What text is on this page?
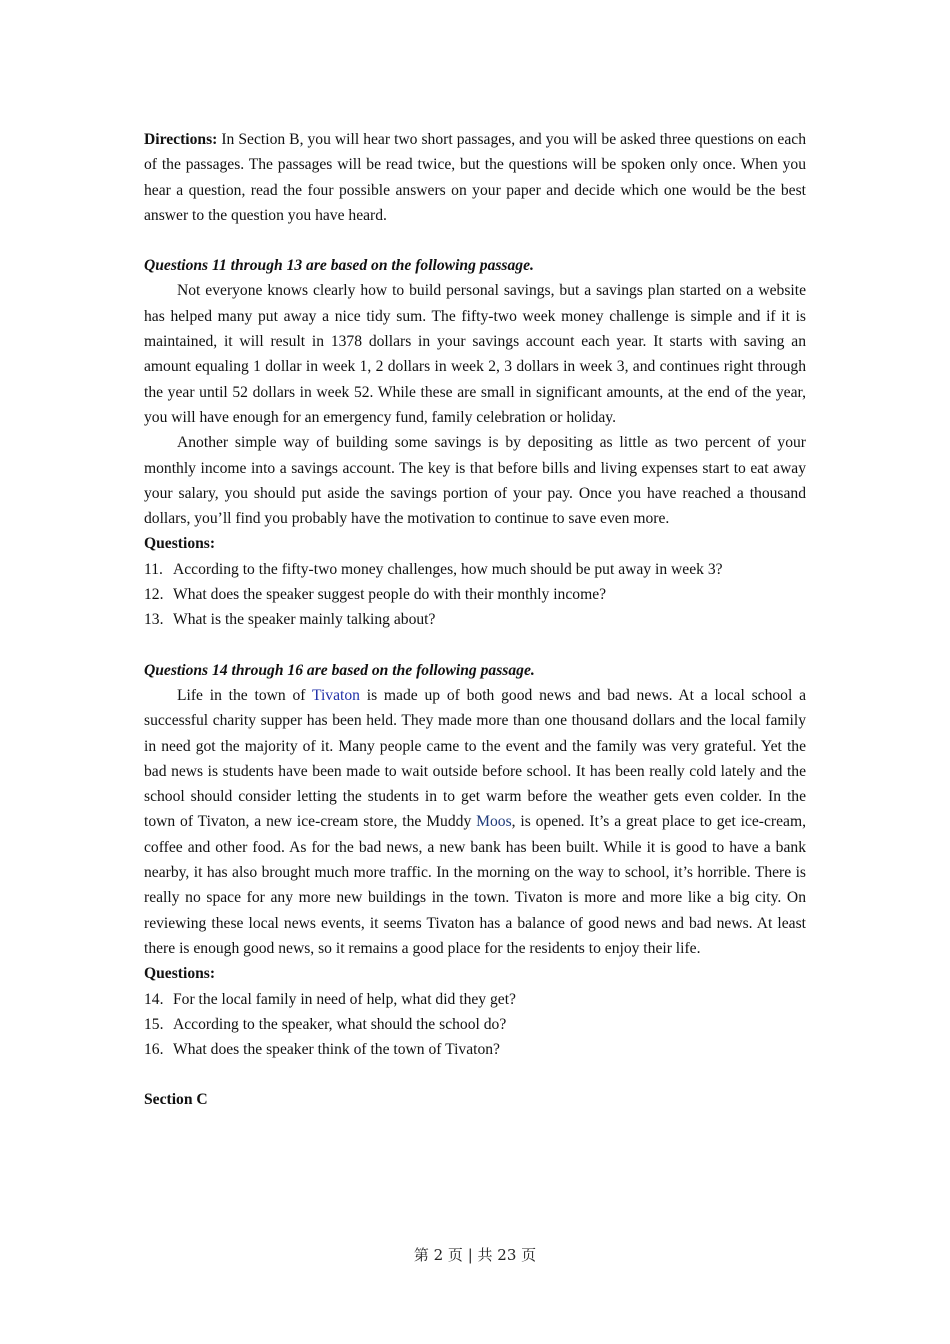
Directions: In Section B, you will hear two short passages, and you will be asked three questions on each of the passages. The passages will be read twice, but the questions will be spoken only once. When you hear a question, read the four possible answers on your paper and decide which one would be the best answer to the question you have heard.

Questions 11 through 13 are based on the following passage.

Not everyone knows clearly how to build personal savings, but a savings plan started on a website has helped many put away a nice tidy sum. The fifty-two week money challenge is simple and if it is maintained, it will result in 1378 dollars in your savings account each year. It starts with saving an amount equaling 1 dollar in week 1, 2 dollars in week 2, 3 dollars in week 3, and continues right through the year until 52 dollars in week 52. While these are small in significant amounts, at the end of the year, you will have enough for an emergency fund, family celebration or holiday.

Another simple way of building some savings is by depositing as little as two percent of your monthly income into a savings account. The key is that before bills and living expenses start to eat away your salary, you should put aside the savings portion of your pay. Once you have reached a thousand dollars, you’ll find you probably have the motivation to continue to save even more.

Questions:

11. According to the fifty-two money challenges, how much should be put away in week 3?
12. What does the speaker suggest people do with their monthly income?
13. What is the speaker mainly talking about?

Questions 14 through 16 are based on the following passage.

Life in the town of Tivaton is made up of both good news and bad news. At a local school a successful charity supper has been held. They made more than one thousand dollars and the local family in need got the majority of it. Many people came to the event and the family was very grateful. Yet the bad news is students have been made to wait outside before school. It has been really cold lately and the school should consider letting the students in to get warm before the weather gets even colder. In the town of Tivaton, a new ice-cream store, the Muddy Moos, is opened. It’s a great place to get ice-cream, coffee and other food. As for the bad news, a new bank has been built. While it is good to have a bank nearby, it has also brought much more traffic. In the morning on the way to school, it’s horrible. There is really no space for any more new buildings in the town. Tivaton is more and more like a big city. On reviewing these local news events, it seems Tivaton has a balance of good news and bad news. At least there is enough good news, so it remains a good place for the residents to enjoy their life.

Questions:

14. For the local family in need of help, what did they get?
15. According to the speaker, what should the school do?
16. What does the speaker think of the town of Tivaton?

Section C

第 2 页 | 共 23 页
